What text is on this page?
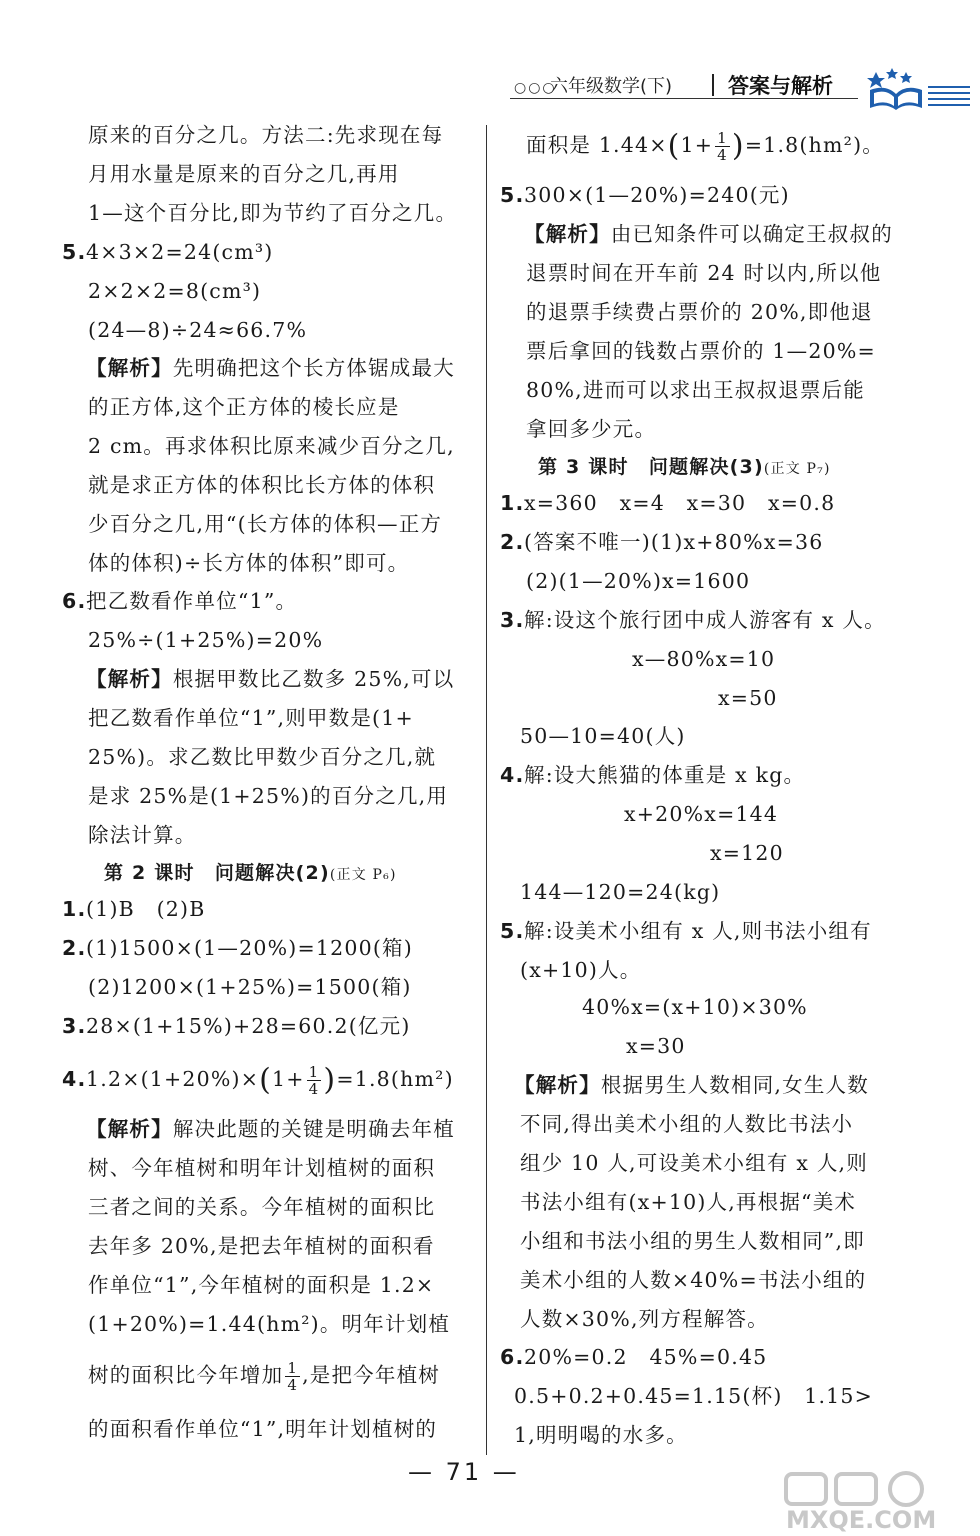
○○○
六年级数学(下)	答案与解析
原来的百分之几。方法二:先求现在每
月用水量是原来的百分之几,再用
1—这个百分比,即为节约了百分之几。
5.4×3×2=24(cm³)
2×2×2=8(cm³)
(24—8)÷24≈66.7%
【解析】先明确把这个长方体锯成最大
的正方体,这个正方体的棱长应是
2 cm。再求体积比原来减少百分之几,
就是求正方体的体积比长方体的体积
少百分之几,用“(长方体的体积—正方
体的体积)÷长方体的体积”即可。
6.把乙数看作单位“1”。
25%÷(1+25%)=20%
【解析】根据甲数比乙数多 25%,可以
把乙数看作单位“1”,则甲数是(1+
25%)。求乙数比甲数少百分之几,就
是求 25%是(1+25%)的百分之几,用
除法计算。
第 2 课时　问题解决(2)(正文 P₆)
1.(1)B　(2)B
2.(1)1500×(1—20%)=1200(箱)
(2)1200×(1+25%)=1500(箱)
3.28×(1+15%)+28=60.2(亿元)
$4.1.2\times(1+20\%)\times(1+ \frac{1}{4} )=1.8(hm^2)$
【解析】解决此题的关键是明确去年植
树、今年植树和明年计划植树的面积
三者之间的关系。今年植树的面积比
去年多 20%,是把去年植树的面积看
作单位“1”,今年植树的面积是 1.2×
(1+20%)=1.44(hm²)。明年计划植
树的面积比今年增加 $\frac{1}{4}$ ,是把今年植树
的面积看作单位“1”,明年计划植树的
面积是 $1.44\times(1+ \frac{1}{4} )=1.8(hm^2)$。
5.300×(1—20%)=240(元)
【解析】由已知条件可以确定王叔叔的
退票时间在开车前 24 时以内,所以他
的退票手续费占票价的 20%,即他退
票后拿回的钱数占票价的 1—20%=
80%,进而可以求出王叔叔退票后能
拿回多少元。
第 3 课时　问题解决(3)(正文 P₇)
1.x=360　x=4　x=30　x=0.8
2.(答案不唯一)(1)x+80%x=36
(2)(1—20%)x=1600
3.解:设这个旅行团中成人游客有 x 人。
x—80%x=10
x=50
50—10=40(人)
4.解:设大熊猫的体重是 x kg。
x+20%x=144
x=120
144—120=24(kg)
5.解:设美术小组有 x 人,则书法小组有
(x+10)人。
40%x=(x+10)×30%
x=30
【解析】根据男生人数相同,女生人数
不同,得出美术小组的人数比书法小
组少 10 人,可设美术小组有 x 人,则
书法小组有(x+10)人,再根据“美术
小组和书法小组的男生人数相同”,即
美术小组的人数×40%=书法小组的
人数×30%,列方程解答。
6.20%=0.2　45%=0.45
0.5+0.2+0.45=1.15(杯)　1.15>
1,明明喝的水多。
— 71 —
MXQE.COM
